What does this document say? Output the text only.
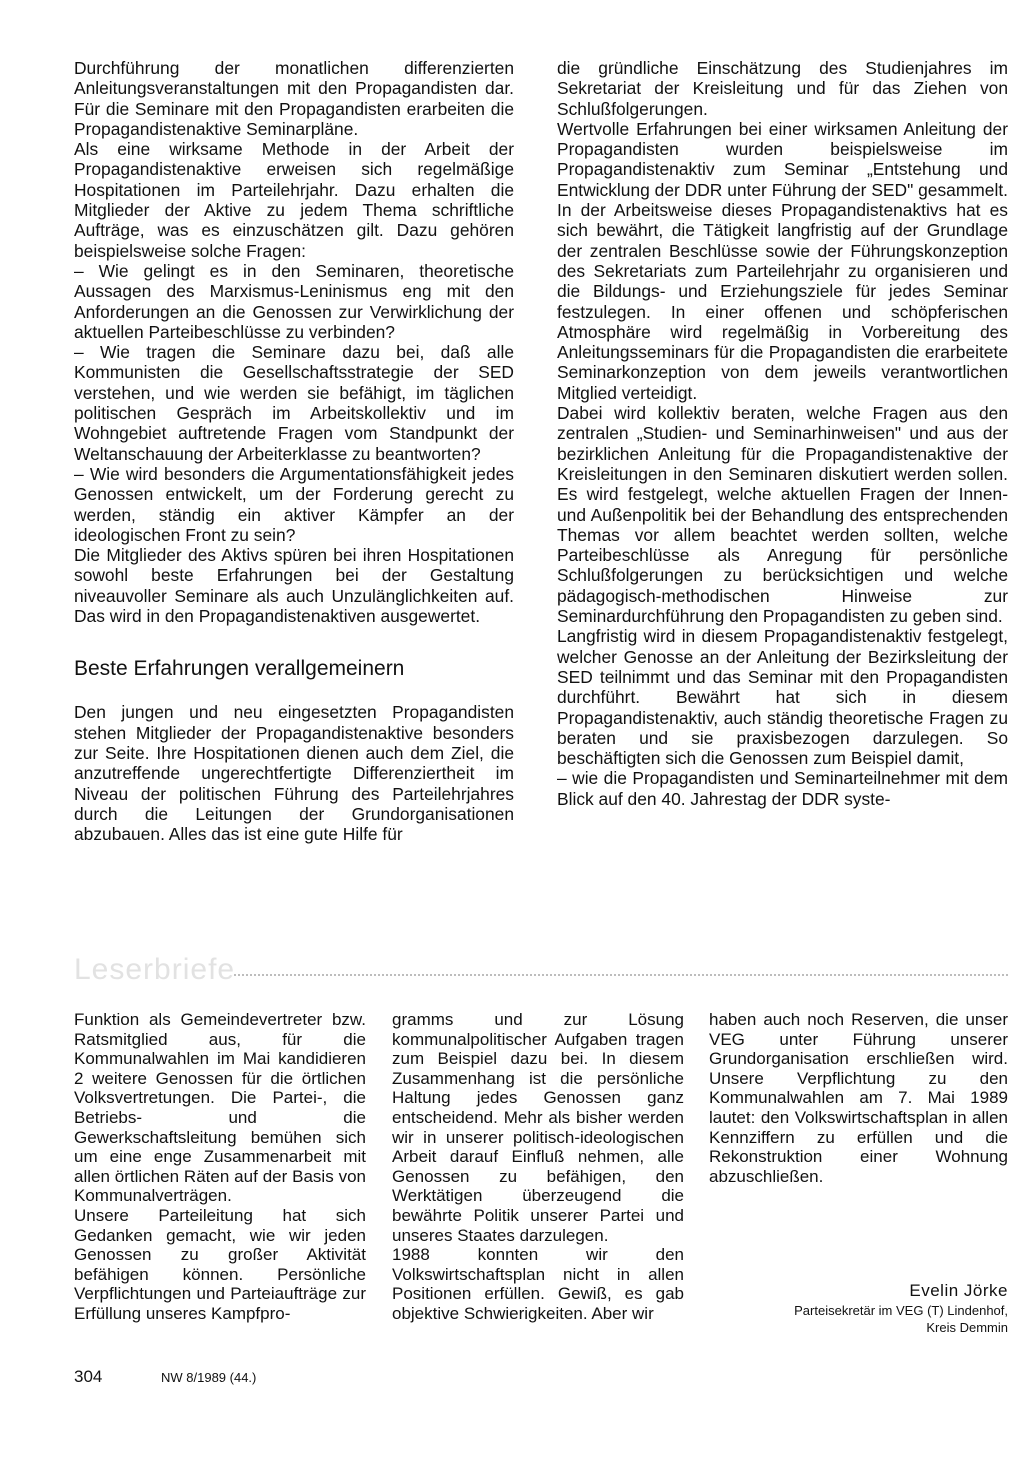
Durchführung der monatlichen differenzierten Anleitungsveranstaltungen mit den Propagandisten dar. Für die Seminare mit den Propagandisten erarbeiten die Propagandistenaktive Seminarpläne.

Als eine wirksame Methode in der Arbeit der Propagandistenaktive erweisen sich regelmäßige Hospitationen im Parteilehrjahr. Dazu erhalten die Mitglieder der Aktive zu jedem Thema schriftliche Aufträge, was es einzuschätzen gilt. Dazu gehören beispielsweise solche Fragen:

– Wie gelingt es in den Seminaren, theoretische Aussagen des Marxismus-Leninismus eng mit den Anforderungen an die Genossen zur Verwirklichung der aktuellen Parteibeschlüsse zu verbinden?

– Wie tragen die Seminare dazu bei, daß alle Kommunisten die Gesellschaftsstrategie der SED verstehen, und wie werden sie befähigt, im täglichen politischen Gespräch im Arbeitskollektiv und im Wohngebiet auftretende Fragen vom Standpunkt der Weltanschauung der Arbeiterklasse zu beantworten?

– Wie wird besonders die Argumentationsfähigkeit jedes Genossen entwickelt, um der Forderung gerecht zu werden, ständig ein aktiver Kämpfer an der ideologischen Front zu sein?

Die Mitglieder des Aktivs spüren bei ihren Hospitationen sowohl beste Erfahrungen bei der Gestaltung niveauvoller Seminare als auch Unzulänglichkeiten auf. Das wird in den Propagandistenaktiven ausgewertet.

Beste Erfahrungen verallgemeinern

Den jungen und neu eingesetzten Propagandisten stehen Mitglieder der Propagandistenaktive besonders zur Seite. Ihre Hospitationen dienen auch dem Ziel, die anzutreffende ungerechtfertigte Differenziertheit im Niveau der politischen Führung des Parteilehrjahres durch die Leitungen der Grundorganisationen abzubauen. Alles das ist eine gute Hilfe für

die gründliche Einschätzung des Studienjahres im Sekretariat der Kreisleitung und für das Ziehen von Schlußfolgerungen.

Wertvolle Erfahrungen bei einer wirksamen Anleitung der Propagandisten wurden beispielsweise im Propagandistenaktiv zum Seminar „Entstehung und Entwicklung der DDR unter Führung der SED" gesammelt. In der Arbeitsweise dieses Propagandistenaktivs hat es sich bewährt, die Tätigkeit langfristig auf der Grundlage der zentralen Beschlüsse sowie der Führungskonzeption des Sekretariats zum Parteilehrjahr zu organisieren und die Bildungs- und Erziehungsziele für jedes Seminar festzulegen. In einer offenen und schöpferischen Atmosphäre wird regelmäßig in Vorbereitung des Anleitungsseminars für die Propagandisten die erarbeitete Seminarkonzeption von dem jeweils verantwortlichen Mitglied verteidigt.

Dabei wird kollektiv beraten, welche Fragen aus den zentralen „Studien- und Seminarhinweisen" und aus der bezirklichen Anleitung für die Propagandistenaktive der Kreisleitungen in den Seminaren diskutiert werden sollen. Es wird festgelegt, welche aktuellen Fragen der Innen- und Außenpolitik bei der Behandlung des entsprechenden Themas vor allem beachtet werden sollten, welche Parteibeschlüsse als Anregung für persönliche Schlußfolgerungen zu berücksichtigen und welche pädagogisch-methodischen Hinweise zur Seminardurchführung den Propagandisten zu geben sind.

Langfristig wird in diesem Propagandistenaktiv festgelegt, welcher Genosse an der Anleitung der Bezirksleitung der SED teilnimmt und das Seminar mit den Propagandisten durchführt. Bewährt hat sich in diesem Propagandistenaktiv, auch ständig theoretische Fragen zu beraten und sie praxisbezogen darzulegen. So beschäftigten sich die Genossen zum Beispiel damit,

– wie die Propagandisten und Seminarteilnehmer mit dem Blick auf den 40. Jahrestag der DDR syste-

Leserbriefe

Funktion als Gemeindevertreter bzw. Ratsmitglied aus, für die Kommunalwahlen im Mai kandidieren 2 weitere Genossen für die örtlichen Volksvertretungen. Die Partei-, die Betriebs- und die Gewerkschaftsleitung bemühen sich um eine enge Zusammenarbeit mit allen örtlichen Räten auf der Basis von Kommunalverträgen.

Unsere Parteileitung hat sich Gedanken gemacht, wie wir jeden Genossen zu großer Aktivität befähigen können. Persönliche Verpflichtungen und Parteiaufträge zur Erfüllung unseres Kampfpro-

gramms und zur Lösung kommunalpolitischer Aufgaben tragen zum Beispiel dazu bei. In diesem Zusammenhang ist die persönliche Haltung jedes Genossen ganz entscheidend. Mehr als bisher werden wir in unserer politisch-ideologischen Arbeit darauf Einfluß nehmen, alle Genossen zu befähigen, den Werktätigen überzeugend die bewährte Politik unserer Partei und unseres Staates darzulegen.

1988 konnten wir den Volkswirtschaftsplan nicht in allen Positionen erfüllen. Gewiß, es gab objektive Schwierigkeiten. Aber wir

haben auch noch Reserven, die unser VEG unter Führung unserer Grundorganisation erschließen wird. Unsere Verpflichtung zu den Kommunalwahlen am 7. Mai 1989 lautet: den Volkswirtschaftsplan in allen Kennziffern zu erfüllen und die Rekonstruktion einer Wohnung abzuschließen.

Evelin Jörke
Parteisekretär im VEG (T) Lindenhof,
Kreis Demmin
304	NW 8/1989 (44.)
